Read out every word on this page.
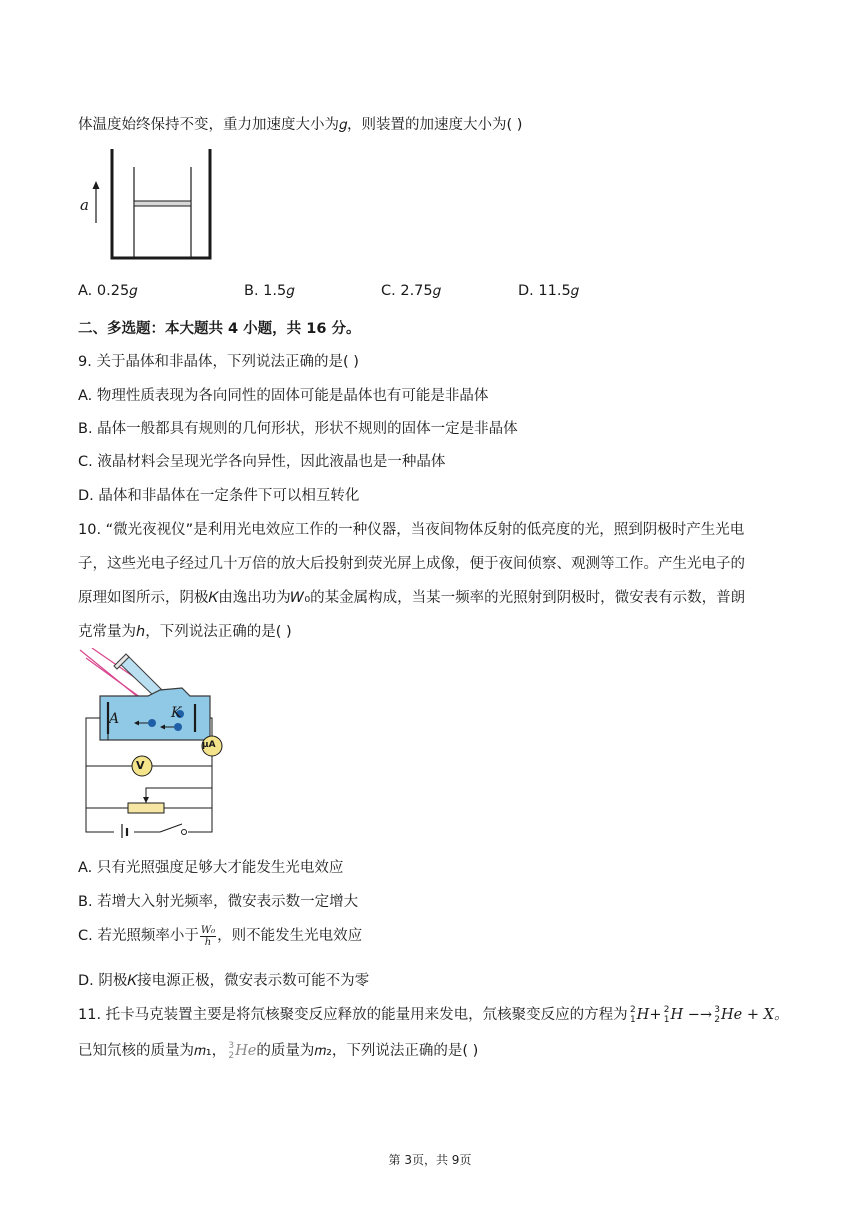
体温度始终保持不变，重力加速度大小为𝑔，则装置的加速度大小为( )
a
A. 0.25𝑔	B. 1.5𝑔	C. 2.75𝑔	D. 11.5𝑔
二、多选题：本大题共 4 小题，共 16 分。
9. 关于晶体和非晶体，下列说法正确的是( )
A. 物理性质表现为各向同性的固体可能是晶体也有可能是非晶体
B. 晶体一般都具有规则的几何形状，形状不规则的固体一定是非晶体
C. 液晶材料会呈现光学各向异性，因此液晶也是一种晶体
D. 晶体和非晶体在一定条件下可以相互转化
10. “微光夜视仪”是利用光电效应工作的一种仪器，当夜间物体反射的低亮度的光，照到阴极时产生光电
子，这些光电子经过几十万倍的放大后投射到荧光屏上成像，便于夜间侦察、观测等工作。产生光电子的
原理如图所示，阴极𝐾由逸出功为𝑊₀的某金属构成，当某一频率的光照射到阴极时，微安表有示数，普朗
克常量为ℎ，下列说法正确的是( )
A	K
V
μA
A. 只有光照强度足够大才能发生光电效应
B. 若增大入射光频率，微安表示数一定增大
C. 若光照频率小于 $\frac{\text{𝑊₀}}{\text{ℎ}}$ ，则不能发生光电效应
D. 阴极𝐾接电源正极，微安表示数可能不为零
11. 托卡马克装置主要是将氘核聚变反应释放的能量用来发电，氘核聚变反应的方程为 2
1 H+ 2
1 H −→ 3
2 He + X。
已知氘核的质量为𝑚₁， 3
2 𝐻𝑒的质量为𝑚₂，下列说法正确的是( )
第 3页，共 9页
